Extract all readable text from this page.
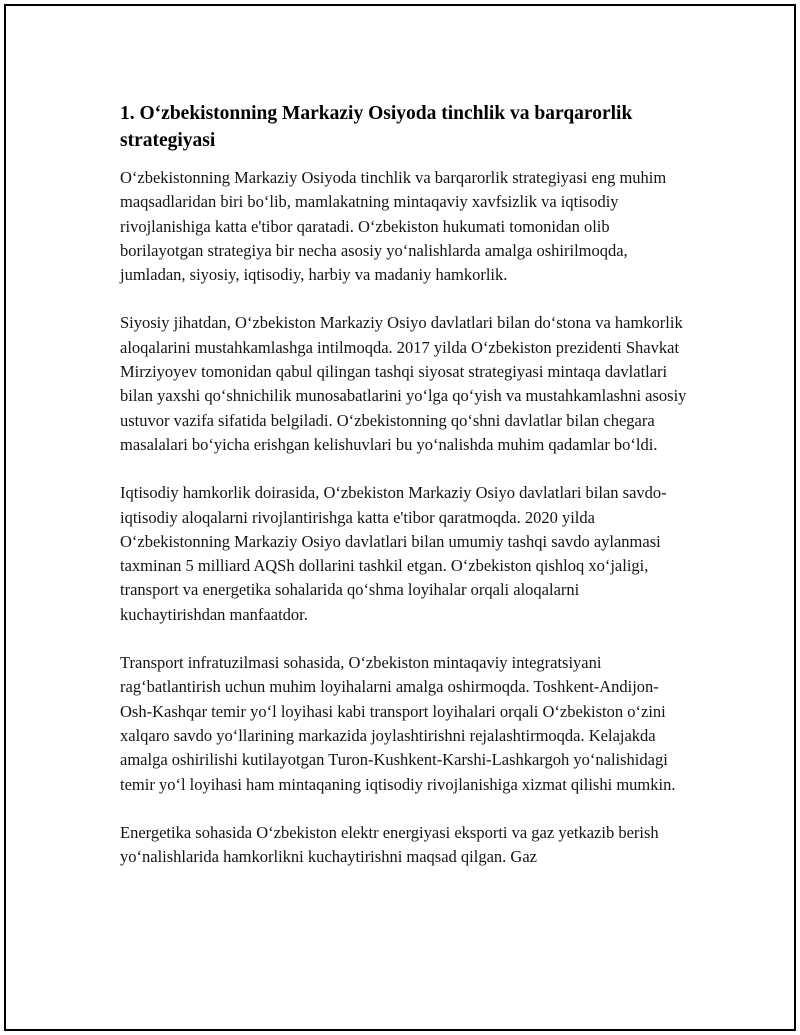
1. O‘zbekistonning Markaziy Osiyoda tinchlik va barqarorlik strategiyasi

O‘zbekistonning Markaziy Osiyoda tinchlik va barqarorlik strategiyasi eng muhim maqsadlaridan biri bo‘lib, mamlakatning mintaqaviy xavfsizlik va iqtisodiy rivojlanishiga katta e'tibor qaratadi. O‘zbekiston hukumati tomonidan olib borilayotgan strategiya bir necha asosiy yo‘nalishlarda amalga oshirilmoqda, jumladan, siyosiy, iqtisodiy, harbiy va madaniy hamkorlik.

Siyosiy jihatdan, O‘zbekiston Markaziy Osiyo davlatlari bilan do‘stona va hamkorlik aloqalarini mustahkamlashga intilmoqda. 2017 yilda O‘zbekiston prezidenti Shavkat Mirziyoyev tomonidan qabul qilingan tashqi siyosat strategiyasi mintaqa davlatlari bilan yaxshi qo‘shnichilik munosabatlarini yo‘lga qo‘yish va mustahkamlashni asosiy ustuvor vazifa sifatida belgiladi. O‘zbekistonning qo‘shni davlatlar bilan chegara masalalari bo‘yicha erishgan kelishuvlari bu yo‘nalishda muhim qadamlar bo‘ldi.

Iqtisodiy hamkorlik doirasida, O‘zbekiston Markaziy Osiyo davlatlari bilan savdo-iqtisodiy aloqalarni rivojlantirishga katta e'tibor qaratmoqda. 2020 yilda O‘zbekistonning Markaziy Osiyo davlatlari bilan umumiy tashqi savdo aylanmasi taxminan 5 milliard AQSh dollarini tashkil etgan. O‘zbekiston qishloq xo‘jaligi, transport va energetika sohalarida qo‘shma loyihalar orqali aloqalarni kuchaytirishdan manfaatdor.

Transport infratuzilmasi sohasida, O‘zbekiston mintaqaviy integratsiyani rag‘batlantirish uchun muhim loyihalarni amalga oshirmoqda. Toshkent-Andijon-Osh-Kashqar temir yo‘l loyihasi kabi transport loyihalari orqali O‘zbekiston o‘zini xalqaro savdo yo‘llarining markazida joylashtirishni rejalashtirmoqda. Kelajakda amalga oshirilishi kutilayotgan Turon-Kushkent-Karshi-Lashkargoh yo‘nalishidagi temir yo‘l loyihasi ham mintaqaning iqtisodiy rivojlanishiga xizmat qilishi mumkin.

Energetika sohasida O‘zbekiston elektr energiyasi eksporti va gaz yetkazib berish yo‘nalishlarida hamkorlikni kuchaytirishni maqsad qilgan. Gaz
